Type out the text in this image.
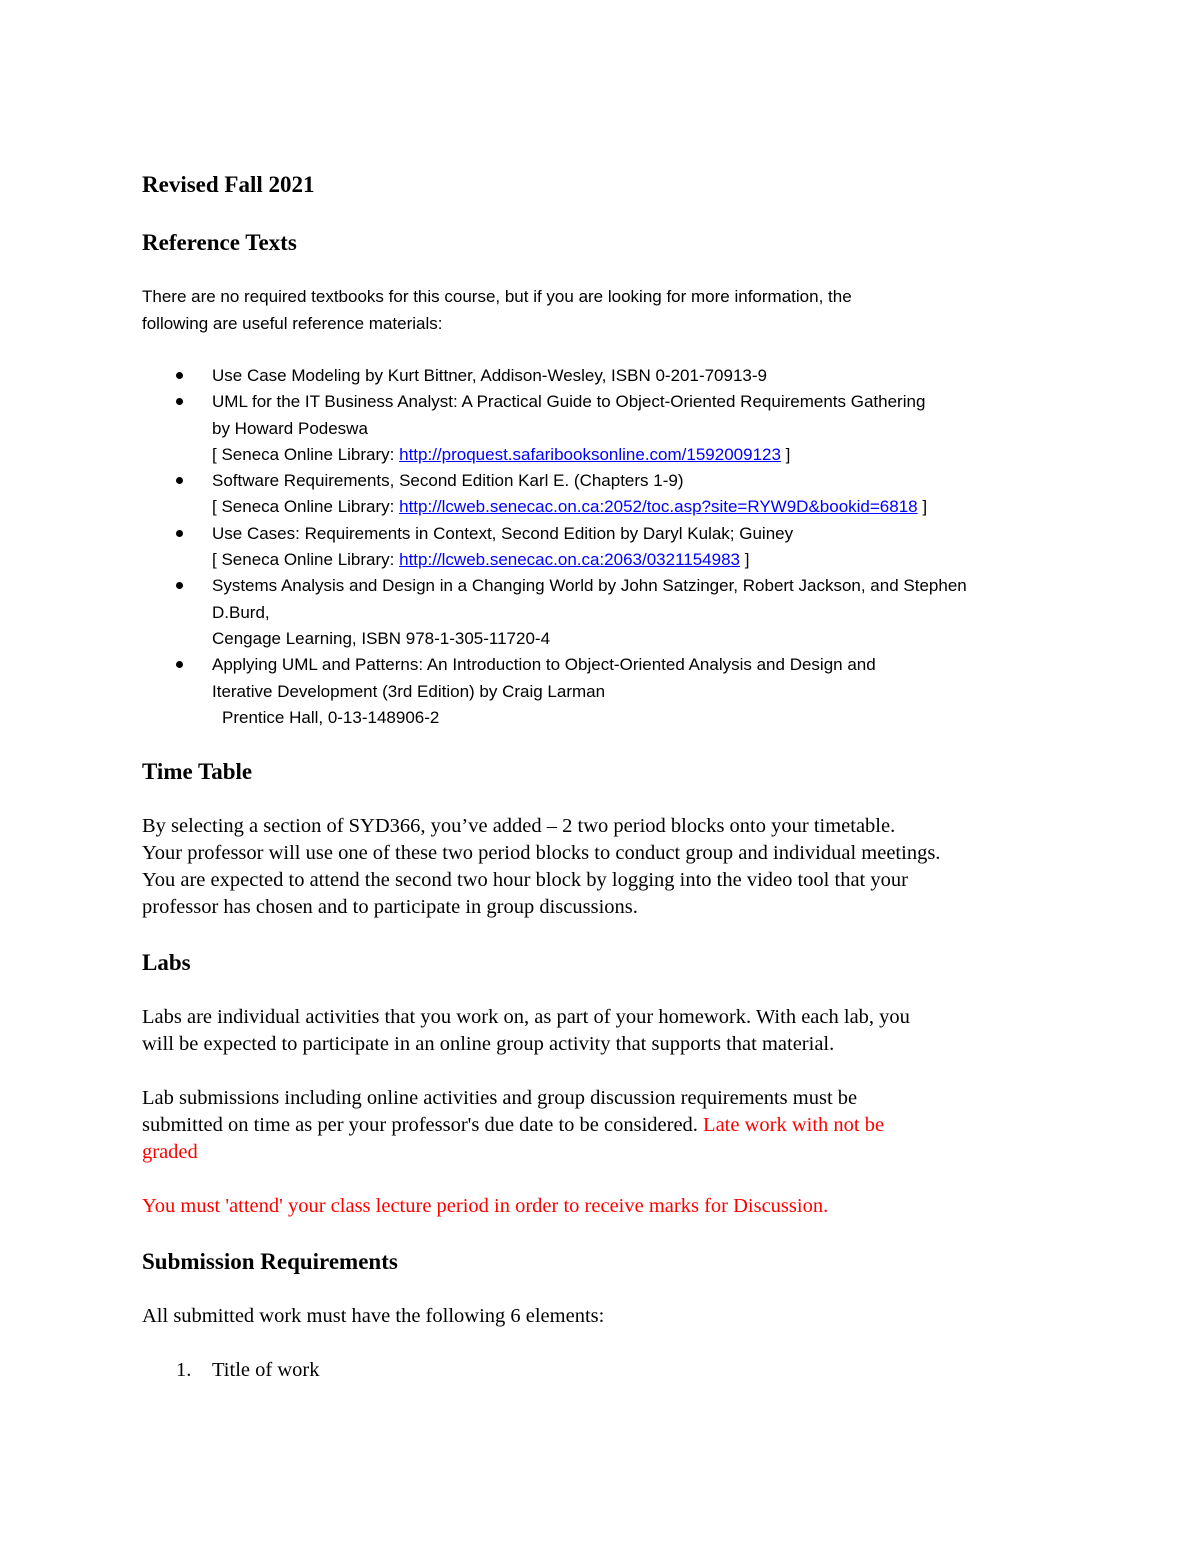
Revised Fall 2021
Reference Texts

There are no required textbooks for this course, but if you are looking for more information, the
following are useful reference materials:

Use Case Modeling by Kurt Bittner, Addison-Wesley, ISBN 0-201-70913-9
UML for the IT Business Analyst: A Practical Guide to Object-Oriented Requirements Gathering
by Howard Podeswa
[ Seneca Online Library: http://proquest.safaribooksonline.com/1592009123 ]
Software Requirements, Second Edition Karl E. (Chapters 1-9)
[ Seneca Online Library: http://lcweb.senecac.on.ca:2052/toc.asp?site=RYW9D&bookid=6818 ]
Use Cases: Requirements in Context, Second Edition by Daryl Kulak; Guiney
[ Seneca Online Library: http://lcweb.senecac.on.ca:2063/0321154983 ]
Systems Analysis and Design in a Changing World by John Satzinger, Robert Jackson, and Stephen
D.Burd,
Cengage Learning, ISBN 978-1-305-11720-4
Applying UML and Patterns: An Introduction to Object-Oriented Analysis and Design and
Iterative Development (3rd Edition) by Craig Larman
Prentice Hall, 0-13-148906-2
Time Table

By selecting a section of SYD366, you’ve added – 2 two period blocks onto your timetable.
Your professor will use one of these two period blocks to conduct group and individual meetings.
You are expected to attend the second two hour block by logging into the video tool that your
professor has chosen and to participate in group discussions.

Labs

Labs are individual activities that you work on, as part of your homework. With each lab, you
will be expected to participate in an online group activity that supports that material.

Lab submissions including online activities and group discussion requirements must be
submitted on time as per your professor's due date to be considered. Late work with not be
graded

You must 'attend' your class lecture period in order to receive marks for Discussion.

Submission Requirements

All submitted work must have the following 6 elements:

1. Title of work
